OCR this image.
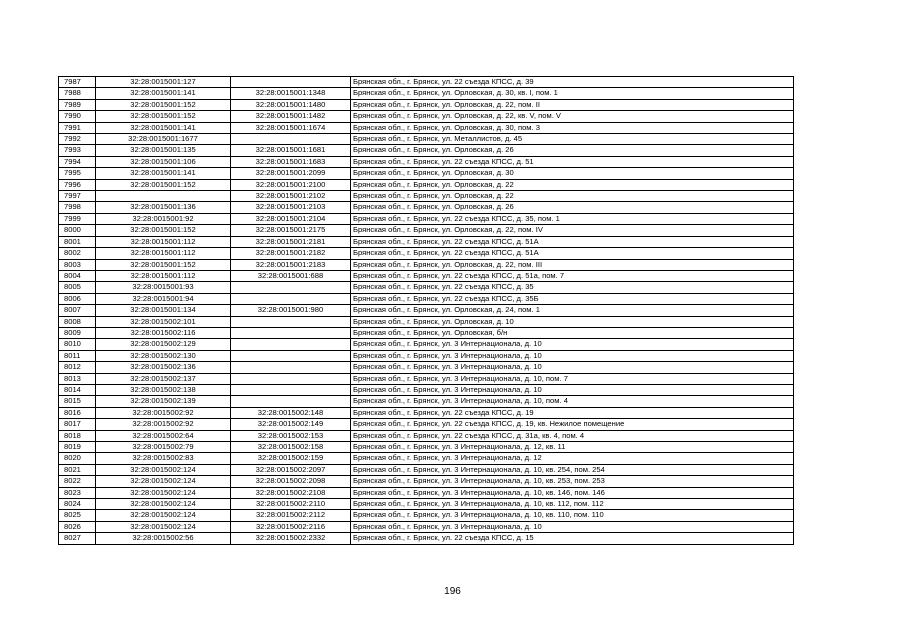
7987	32:28:0015001:127		Брянская обл., г. Брянск, ул. 22 съезда КПСС, д. 39
7988	32:28:0015001:141	32:28:0015001:1348	Брянская обл., г. Брянск, ул. Орловская, д. 30, кв. I, пом. 1
7989	32:28:0015001:152	32:28:0015001:1480	Брянская обл., г. Брянск, ул. Орловская, д. 22, пом. II
7990	32:28:0015001:152	32:28:0015001:1482	Брянская обл., г. Брянск, ул. Орловская, д. 22, кв. V, пом. V
7991	32:28:0015001:141	32:28:0015001:1674	Брянская обл., г. Брянск, ул. Орловская, д. 30, пом. 3
7992	32:28:0015001:1677		Брянская обл., г. Брянск, ул. Металлистов, д. 45
7993	32:28:0015001:135	32:28:0015001:1681	Брянская обл., г. Брянск, ул. Орловская, д. 26
7994	32:28:0015001:106	32:28:0015001:1683	Брянская обл., г. Брянск, ул. 22 съезда КПСС, д. 51
7995	32:28:0015001:141	32:28:0015001:2099	Брянская обл., г. Брянск, ул. Орловская, д. 30
7996	32:28:0015001:152	32:28:0015001:2100	Брянская обл., г. Брянск, ул. Орловская, д. 22
7997		32:28:0015001:2102	Брянская обл., г. Брянск, ул. Орловская, д. 22
7998	32:28:0015001:136	32:28:0015001:2103	Брянская обл., г. Брянск, ул. Орловская, д. 26
7999	32:28:0015001:92	32:28:0015001:2104	Брянская обл., г. Брянск, ул. 22 съезда КПСС, д. 35, пом. 1
8000	32:28:0015001:152	32:28:0015001:2175	Брянская обл., г. Брянск, ул. Орловская, д. 22, пом. IV
8001	32:28:0015001:112	32:28:0015001:2181	Брянская обл., г. Брянск, ул. 22 съезда КПСС, д. 51А
8002	32:28:0015001:112	32:28:0015001:2182	Брянская обл., г. Брянск, ул. 22 съезда КПСС, д. 51А
8003	32:28:0015001:152	32:28:0015001:2183	Брянская обл., г. Брянск, ул. Орловская, д. 22, пом. III
8004	32:28:0015001:112	32:28:0015001:688	Брянская обл., г. Брянск, ул. 22 съезда КПСС, д. 51а, пом. 7
8005	32:28:0015001:93		Брянская обл., г. Брянск, ул. 22 съезда КПСС, д. 35
8006	32:28:0015001:94		Брянская обл., г. Брянск, ул. 22 съезда КПСС, д. 35Б
8007	32:28:0015001:134	32:28:0015001:980	Брянская обл., г. Брянск, ул. Орловская, д. 24, пом. 1
8008	32:28:0015002:101		Брянская обл., г. Брянск, ул. Орловская, д. 10
8009	32:28:0015002:116		Брянская обл., г. Брянск, ул. Орловская, б/н
8010	32:28:0015002:129		Брянская обл., г. Брянск, ул. 3 Интернационала, д. 10
8011	32:28:0015002:130		Брянская обл., г. Брянск, ул. 3 Интернационала, д. 10
8012	32:28:0015002:136		Брянская обл., г. Брянск, ул. 3 Интернационала, д. 10
8013	32:28:0015002:137		Брянская обл., г. Брянск, ул. 3 Интернационала, д. 10, пом. 7
8014	32:28:0015002:138		Брянская обл., г. Брянск, ул. 3 Интернационала, д. 10
8015	32:28:0015002:139		Брянская обл., г. Брянск, ул. 3 Интернационала, д. 10, пом. 4
8016	32:28:0015002:92	32:28:0015002:148	Брянская обл., г. Брянск, ул. 22 съезда КПСС, д. 19
8017	32:28:0015002:92	32:28:0015002:149	Брянская обл., г. Брянск, ул. 22 съезда КПСС, д. 19, кв. Нежилое помещение
8018	32:28:0015002:64	32:28:0015002:153	Брянская обл., г. Брянск, ул. 22 съезда КПСС, д. 31а, кв. 4, пом. 4
8019	32:28:0015002:79	32:28:0015002:158	Брянская обл., г. Брянск, ул. 3 Интернационала, д. 12, кв. 11
8020	32:28:0015002:83	32:28:0015002:159	Брянская обл., г. Брянск, ул. 3 Интернационала, д. 12
8021	32:28:0015002:124	32:28:0015002:2097	Брянская обл., г. Брянск, ул. 3 Интернационала, д. 10, кв. 254, пом. 254
8022	32:28:0015002:124	32:28:0015002:2098	Брянская обл., г. Брянск, ул. 3 Интернационала, д. 10, кв. 253, пом. 253
8023	32:28:0015002:124	32:28:0015002:2108	Брянская обл., г. Брянск, ул. 3 Интернационала, д. 10, кв. 146, пом. 146
8024	32:28:0015002:124	32:28:0015002:2110	Брянская обл., г. Брянск, ул. 3 Интернационала, д. 10, кв. 112, пом. 112
8025	32:28:0015002:124	32:28:0015002:2112	Брянская обл., г. Брянск, ул. 3 Интернационала, д. 10, кв. 110, пом. 110
8026	32:28:0015002:124	32:28:0015002:2116	Брянская обл., г. Брянск, ул. 3 Интернационала, д. 10
8027	32:28:0015002:56	32:28:0015002:2332	Брянская обл., г. Брянск, ул. 22 съезда КПСС, д. 15
196
